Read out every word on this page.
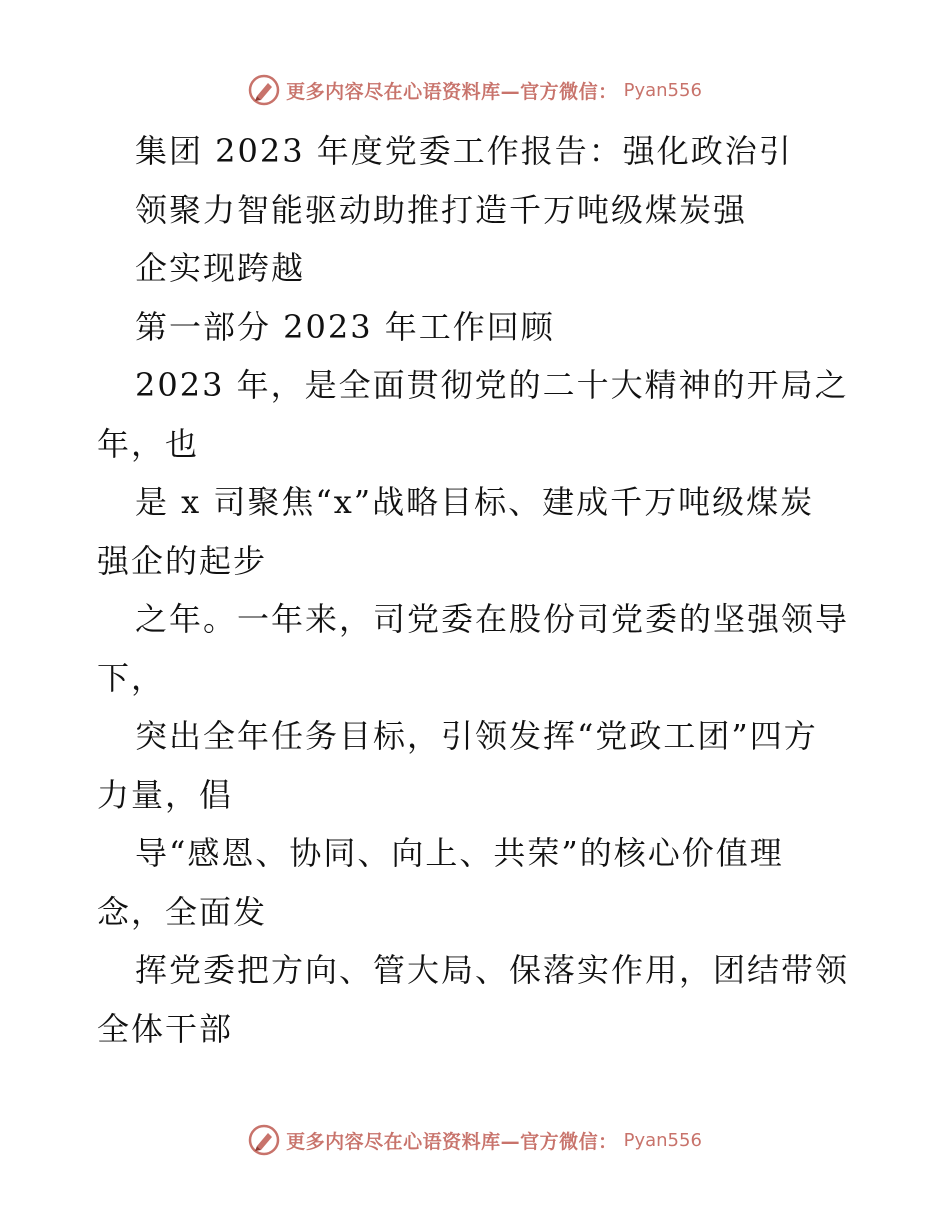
更多内容尽在心语资料库—官方微信： Pyan556
集团 2023 年度党委工作报告：强化政治引
领聚力智能驱动助推打造千万吨级煤炭强
企实现跨越
第一部分 2023 年工作回顾
2023 年，是全面贯彻党的二十大精神的开局之
年，也
是 x 司聚焦“x”战略目标、建成千万吨级煤炭
强企的起步
之年。一年来，司党委在股份司党委的坚强领导
下，
突出全年任务目标，引领发挥“党政工团”四方
力量，倡
导“感恩、协同、向上、共荣”的核心价值理
念，全面发
挥党委把方向、管大局、保落实作用，团结带领
全体干部
更多内容尽在心语资料库—官方微信： Pyan556
